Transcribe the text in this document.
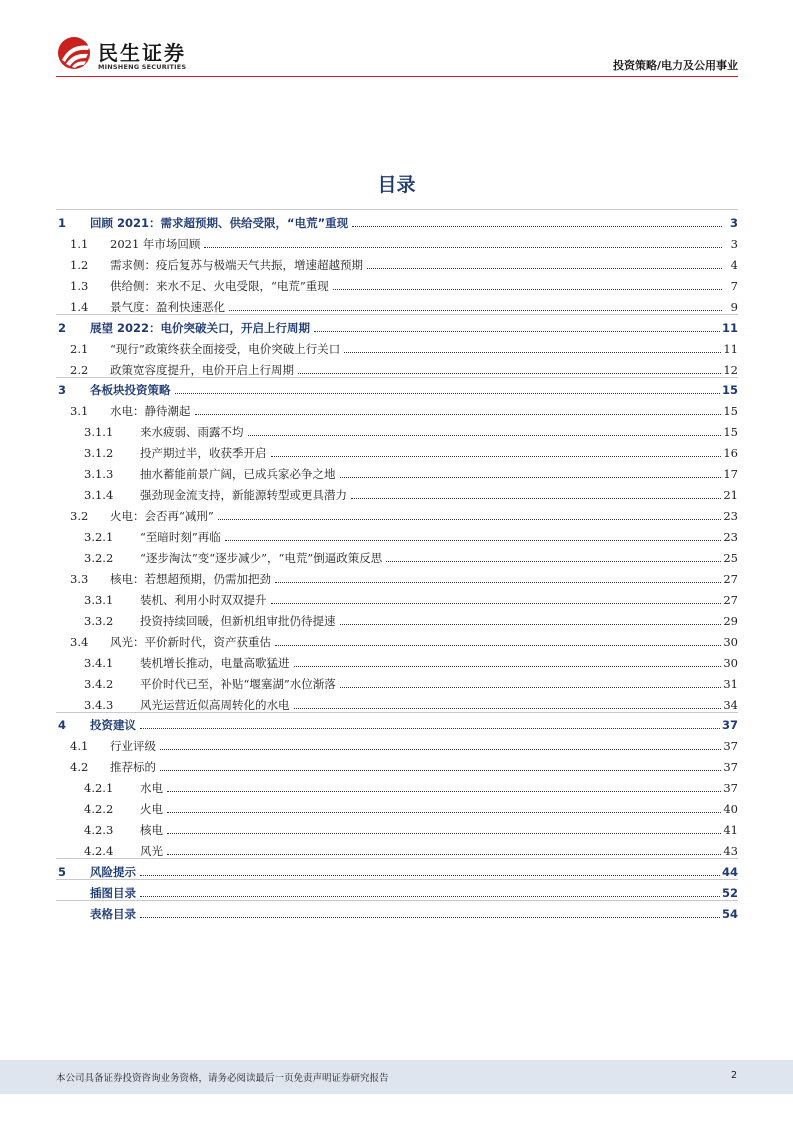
民生证券
MINSHENG SECURITIES	投资策略/电力及公用事业
目录
1	回顾 2021：需求超预期、供给受限，“电荒”重现	3
1.1	2021 年市场回顾	3
1.2	需求侧：疫后复苏与极端天气共振，增速超越预期	4
1.3	供给侧：来水不足、火电受限，“电荒”重现	7
1.4	景气度：盈利快速恶化	9
2	展望 2022：电价突破关口，开启上行周期	11
2.1	“现行”政策终获全面接受，电价突破上行关口	11
2.2	政策宽容度提升，电价开启上行周期	12
3	各板块投资策略	15
3.1	水电：静待潮起	15
3.1.1	来水疲弱、雨露不均	15
3.1.2	投产期过半，收获季开启	16
3.1.3	抽水蓄能前景广阔，已成兵家必争之地	17
3.1.4	强劲现金流支持，新能源转型或更具潜力	21
3.2	火电：会否再“减刑”	23
3.2.1	“至暗时刻”再临	23
3.2.2	“逐步淘汰”变“逐步减少”，“电荒”倒逼政策反思	25
3.3	核电：若想超预期，仍需加把劲	27
3.3.1	装机、利用小时双双提升	27
3.3.2	投资持续回暖，但新机组审批仍待提速	29
3.4	风光：平价新时代，资产获重估	30
3.4.1	装机增长推动，电量高歌猛进	30
3.4.2	平价时代已至，补贴“堰塞湖”水位渐落	31
3.4.3	风光运营近似高周转化的水电	34
4	投资建议	37
4.1	行业评级	37
4.2	推荐标的	37
4.2.1	水电	37
4.2.2	火电	40
4.2.3	核电	41
4.2.4	风光	43
5	风险提示	44
插图目录	52
表格目录	54
本公司具备证券投资咨询业务资格，请务必阅读最后一页免责声明证券研究报告	2
